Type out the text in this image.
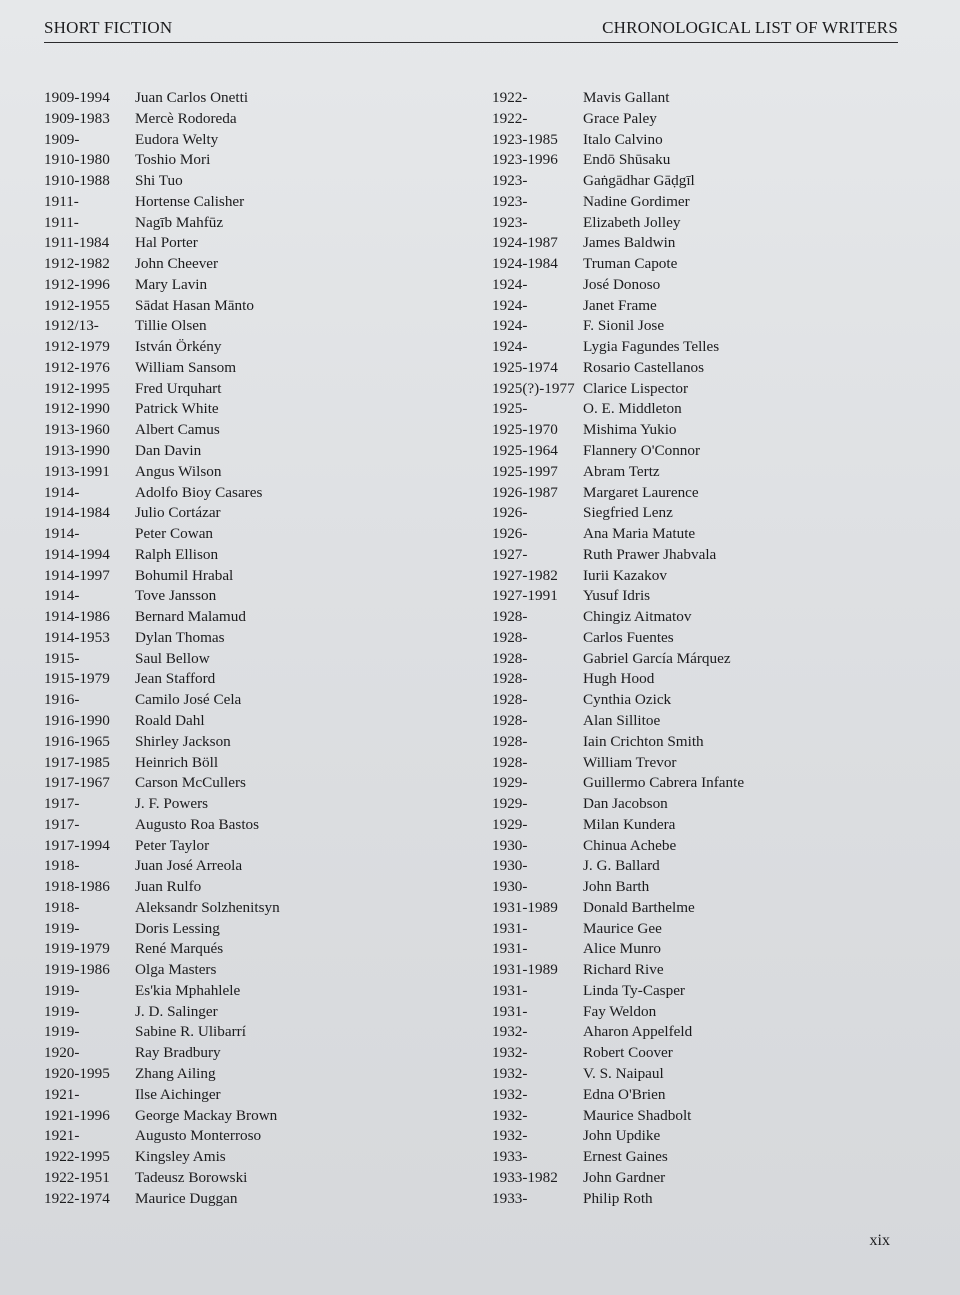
SHORT FICTION	CHRONOLOGICAL LIST OF WRITERS
1909-1994 Juan Carlos Onetti
1909-1983 Mercè Rodoreda
1909-	Eudora Welty
1910-1980 Toshio Mori
1910-1988 Shi Tuo
1911-	Hortense Calisher
1911-	Nagīb Mahfūz
1911-1984 Hal Porter
1912-1982 John Cheever
1912-1996 Mary Lavin
1912-1955 Sādat Hasan Mānto
1912/13- Tillie Olsen
1912-1979 István Örkény
1912-1976 William Sansom
1912-1995 Fred Urquhart
1912-1990 Patrick White
1913-1960 Albert Camus
1913-1990 Dan Davin
1913-1991 Angus Wilson
1914-	Adolfo Bioy Casares
1914-1984 Julio Cortázar
1914-	Peter Cowan
1914-1994 Ralph Ellison
1914-1997 Bohumil Hrabal
1914-	Tove Jansson
1914-1986 Bernard Malamud
1914-1953 Dylan Thomas
1915-	Saul Bellow
1915-1979 Jean Stafford
1916-	Camilo José Cela
1916-1990 Roald Dahl
1916-1965 Shirley Jackson
1917-1985 Heinrich Böll
1917-1967 Carson McCullers
1917-	J. F. Powers
1917-	Augusto Roa Bastos
1917-1994 Peter Taylor
1918-	Juan José Arreola
1918-1986 Juan Rulfo
1918-	Aleksandr Solzhenitsyn
1919-	Doris Lessing
1919-1979 René Marqués
1919-1986 Olga Masters
1919-	Es'kia Mphahlele
1919-	J. D. Salinger
1919-	Sabine R. Ulibarrí
1920-	Ray Bradbury
1920-1995 Zhang Ailing
1921-	Ilse Aichinger
1921-1996 George Mackay Brown
1921-	Augusto Monterroso
1922-1995 Kingsley Amis
1922-1951 Tadeusz Borowski
1922-1974 Maurice Duggan
1922-	Mavis Gallant
1922-	Grace Paley
1923-1985 Italo Calvino
1923-1996 Endō Shūsaku
1923-	Gaṅgādhar Gāḍgīl
1923-	Nadine Gordimer
1923-	Elizabeth Jolley
1924-1987 James Baldwin
1924-1984 Truman Capote
1924-	José Donoso
1924-	Janet Frame
1924-	F. Sionil Jose
1924-	Lygia Fagundes Telles
1925-1974 Rosario Castellanos
1925(?)-1977 Clarice Lispector
1925-	O. E. Middleton
1925-1970 Mishima Yukio
1925-1964 Flannery O'Connor
1925-1997 Abram Tertz
1926-1987 Margaret Laurence
1926-	Siegfried Lenz
1926-	Ana Maria Matute
1927-	Ruth Prawer Jhabvala
1927-1982 Iurii Kazakov
1927-1991 Yusuf Idris
1928-	Chingiz Aitmatov
1928-	Carlos Fuentes
1928-	Gabriel García Márquez
1928-	Hugh Hood
1928-	Cynthia Ozick
1928-	Alan Sillitoe
1928-	Iain Crichton Smith
1928-	William Trevor
1929-	Guillermo Cabrera Infante
1929-	Dan Jacobson
1929-	Milan Kundera
1930-	Chinua Achebe
1930-	J. G. Ballard
1930-	John Barth
1931-1989 Donald Barthelme
1931-	Maurice Gee
1931-	Alice Munro
1931-1989 Richard Rive
1931-	Linda Ty-Casper
1931-	Fay Weldon
1932-	Aharon Appelfeld
1932-	Robert Coover
1932-	V. S. Naipaul
1932-	Edna O'Brien
1932-	Maurice Shadbolt
1932-	John Updike
1933-	Ernest Gaines
1933-1982 John Gardner
1933-	Philip Roth
xix
